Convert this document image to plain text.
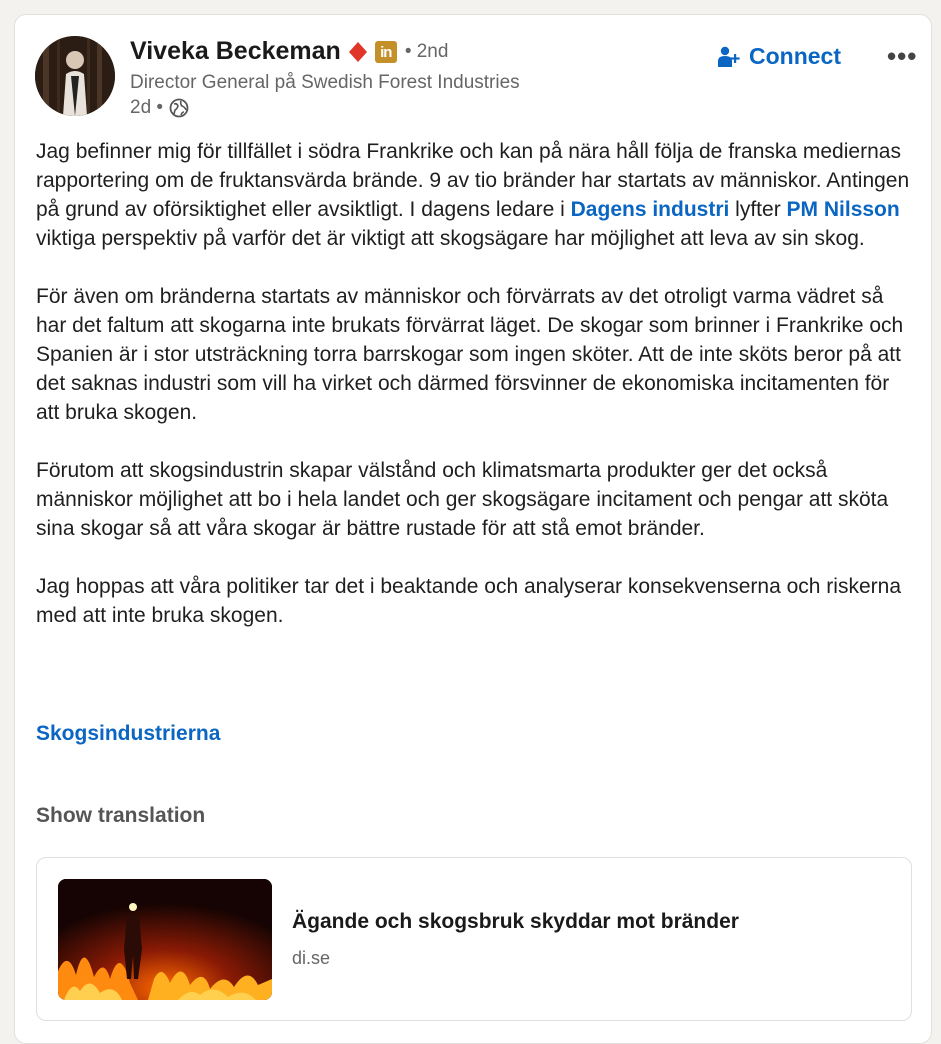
Viveka Beckeman	in • 2nd
Director General på Swedish Forest Industries
2d •
Connect •••

Jag befinner mig för tillfället i södra Frankrike och kan på nära håll följa de franska mediernas rapportering om de fruktansvärda brände. 9 av tio bränder har startats av människor. Antingen på grund av oförsiktighet eller avsiktligt. I dagens ledare i Dagens industri lyfter PM Nilsson viktiga perspektiv på varför det är viktigt att skogsägare har möjlighet att leva av sin skog.

För även om bränderna startats av människor och förvärrats av det otroligt varma vädret så har det faltum att skogarna inte brukats förvärrat läget. De skogar som brinner i Frankrike och Spanien är i stor utsträckning torra barrskogar som ingen sköter. Att de inte sköts beror på att det saknas industri som vill ha virket och därmed försvinner de ekonomiska incitamenten för att bruka skogen.

Förutom att skogsindustrin skapar välstånd och klimatsmarta produkter ger det också människor möjlighet att bo i hela landet och ger skogsägare incitament och pengar att sköta sina skogar så att våra skogar är bättre rustade för att stå emot bränder.

Jag hoppas att våra politiker tar det i beaktande och analyserar konsekvenserna och riskerna med att inte bruka skogen.

Skogsindustrierna
Show translation
Ägande och skogsbruk skyddar mot bränder
di.se
